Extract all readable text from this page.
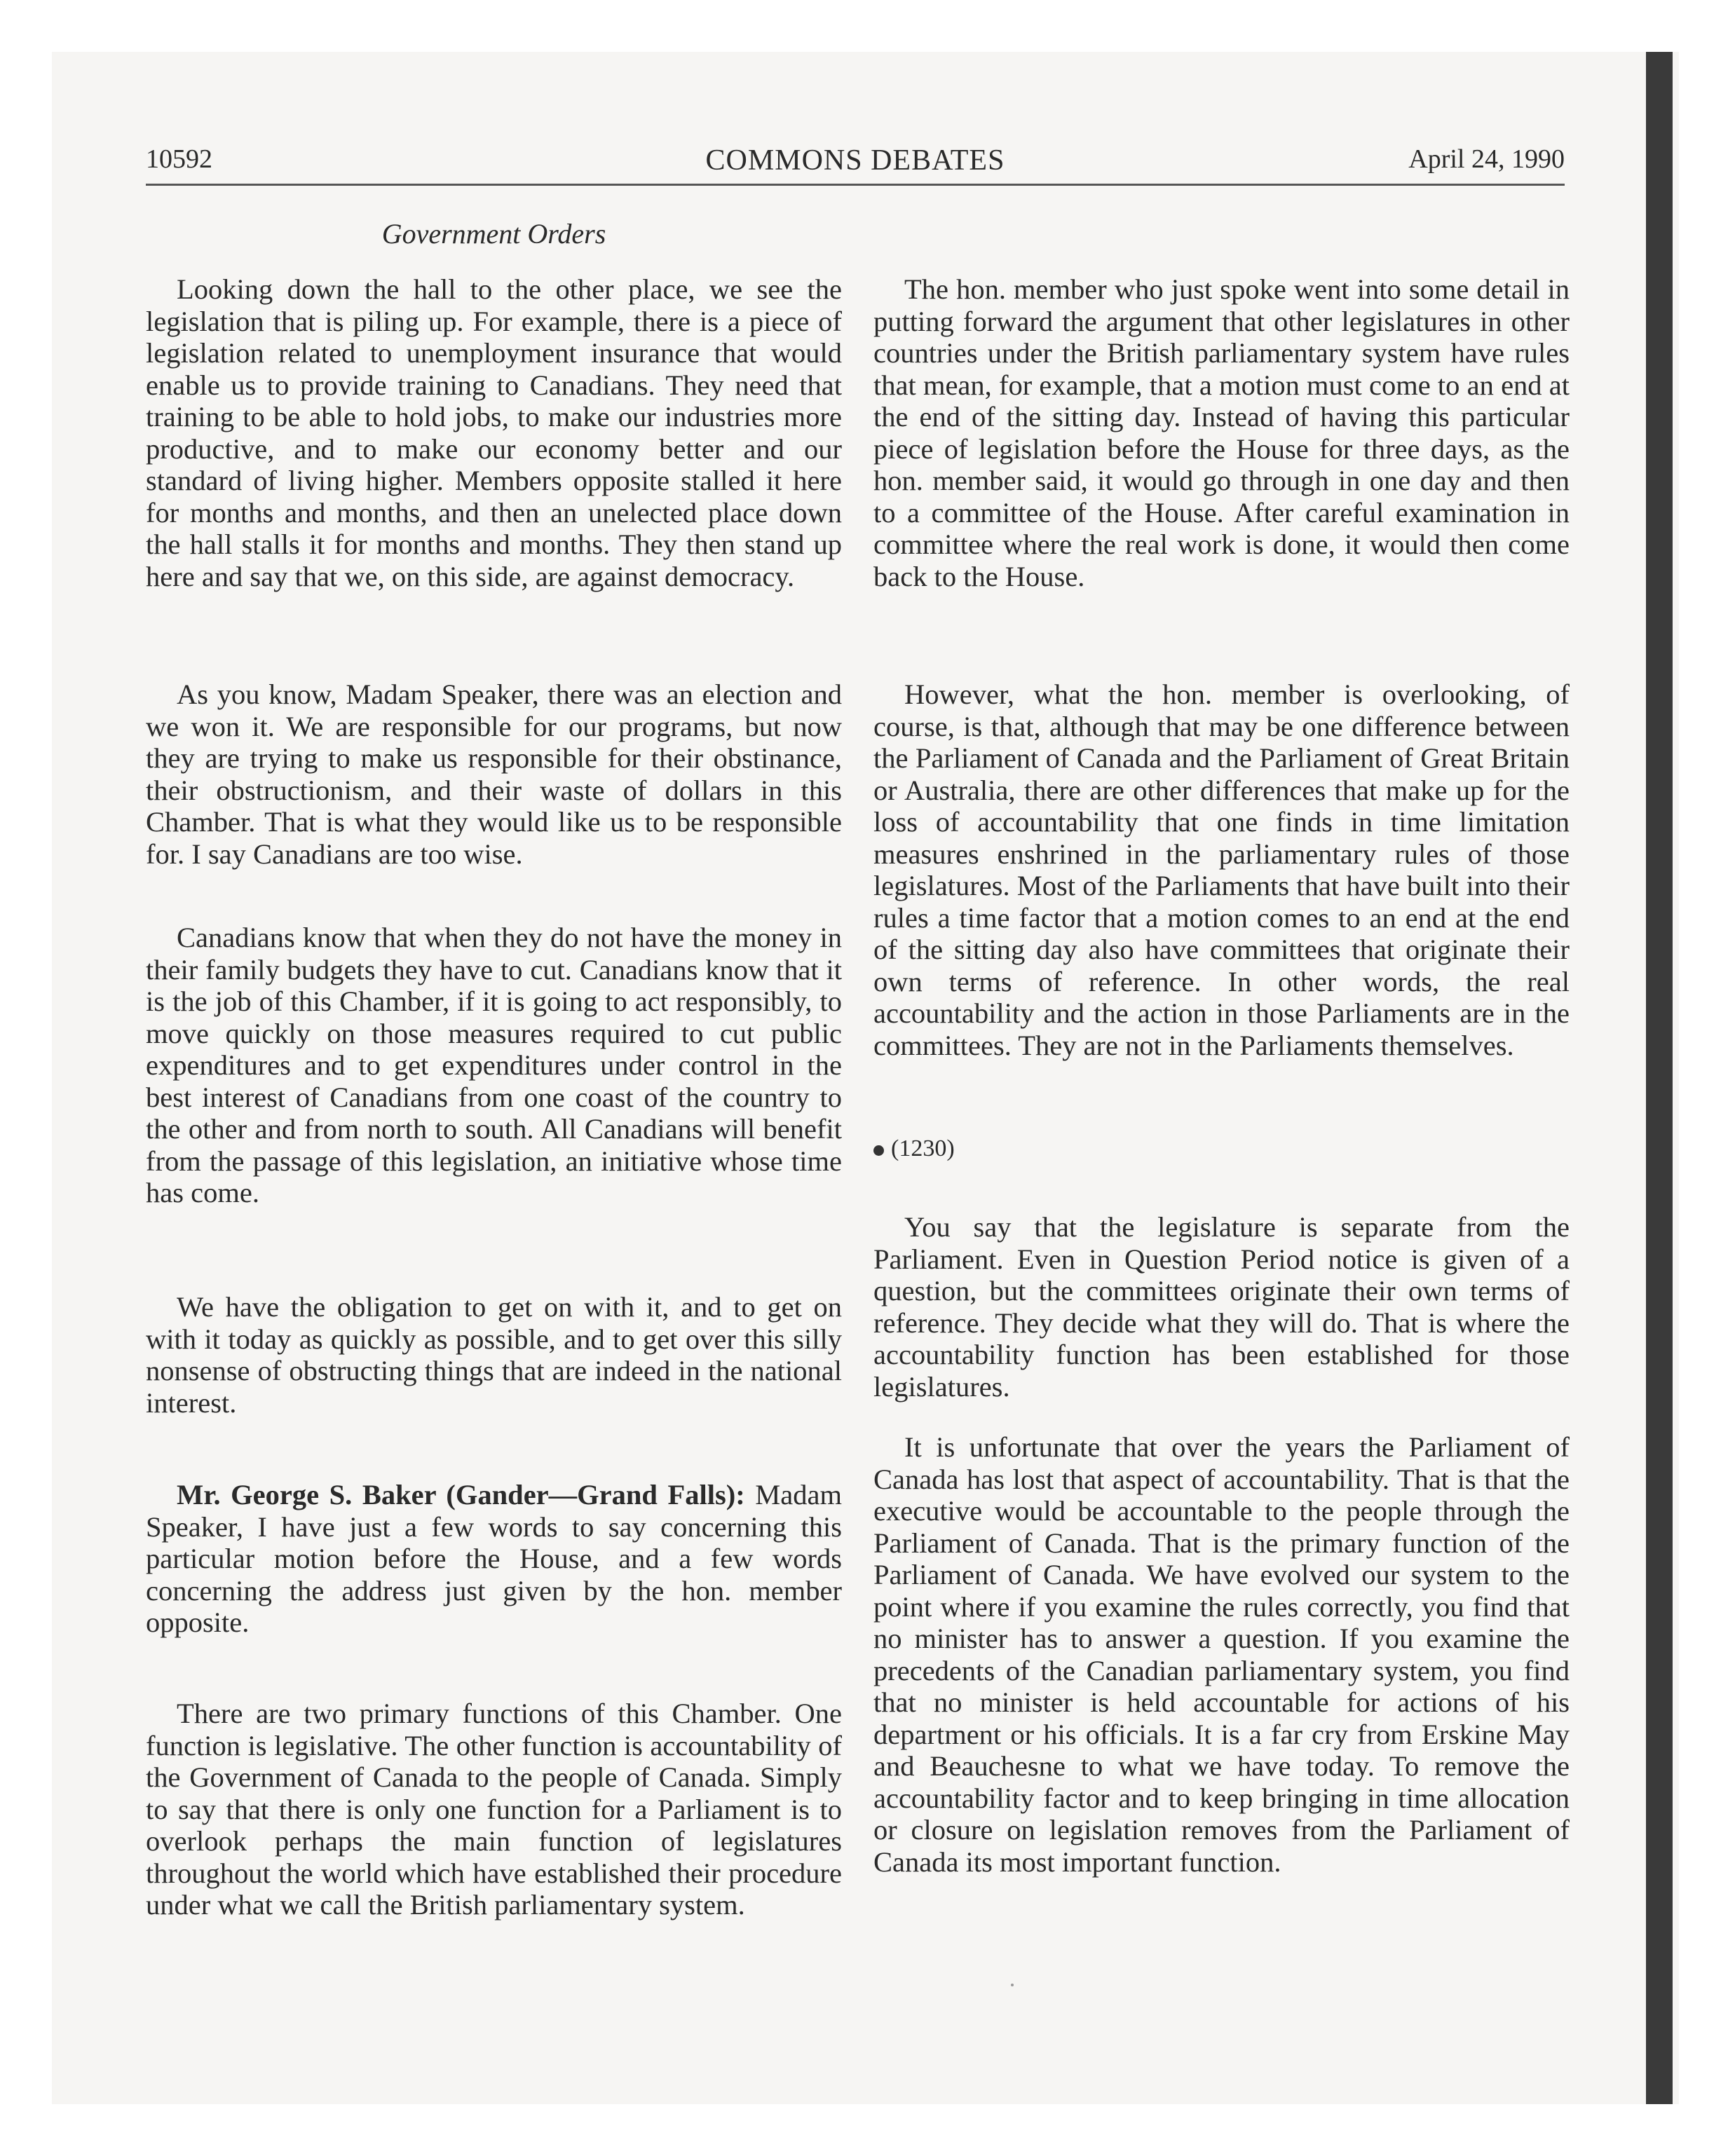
10592	COMMONS DEBATES	April 24, 1990
Government Orders

Looking down the hall to the other place, we see the legislation that is piling up. For example, there is a piece of legislation related to unemployment insurance that would enable us to provide training to Canadians. They need that training to be able to hold jobs, to make our industries more productive, and to make our economy better and our standard of living higher. Members opposite stalled it here for months and months, and then an unelected place down the hall stalls it for months and months. They then stand up here and say that we, on this side, are against democracy.

As you know, Madam Speaker, there was an election and we won it. We are responsible for our programs, but now they are trying to make us responsible for their obstinance, their obstructionism, and their waste of dollars in this Chamber. That is what they would like us to be responsible for. I say Canadians are too wise.

Canadians know that when they do not have the money in their family budgets they have to cut. Canadians know that it is the job of this Chamber, if it is going to act responsibly, to move quickly on those measures required to cut public expenditures and to get expenditures under control in the best interest of Canadians from one coast of the country to the other and from north to south. All Canadians will benefit from the passage of this legislation, an initiative whose time has come.

We have the obligation to get on with it, and to get on with it today as quickly as possible, and to get over this silly nonsense of obstructing things that are indeed in the national interest.

Mr. George S. Baker (Gander—Grand Falls): Madam Speaker, I have just a few words to say concerning this particular motion before the House, and a few words concerning the address just given by the hon. member opposite.

There are two primary functions of this Chamber. One function is legislative. The other function is accountability of the Government of Canada to the people of Canada. Simply to say that there is only one function for a Parliament is to overlook perhaps the main function of legislatures throughout the world which have established their procedure under what we call the British parliamentary system.

The hon. member who just spoke went into some detail in putting forward the argument that other legislatures in other countries under the British parliamentary system have rules that mean, for example, that a motion must come to an end at the end of the sitting day. Instead of having this particular piece of legislation before the House for three days, as the hon. member said, it would go through in one day and then to a committee of the House. After careful examination in committee where the real work is done, it would then come back to the House.

However, what the hon. member is overlooking, of course, is that, although that may be one difference between the Parliament of Canada and the Parliament of Great Britain or Australia, there are other differences that make up for the loss of accountability that one finds in time limitation measures enshrined in the parliamentary rules of those legislatures. Most of the Parliaments that have built into their rules a time factor that a motion comes to an end at the end of the sitting day also have committees that originate their own terms of reference. In other words, the real accountability and the action in those Parliaments are in the committees. They are not in the Parliaments themselves.

(1230)

You say that the legislature is separate from the Parliament. Even in Question Period notice is given of a question, but the committees originate their own terms of reference. They decide what they will do. That is where the accountability function has been established for those legislatures.

It is unfortunate that over the years the Parliament of Canada has lost that aspect of accountability. That is that the executive would be accountable to the people through the Parliament of Canada. That is the primary function of the Parliament of Canada. We have evolved our system to the point where if you examine the rules correctly, you find that no minister has to answer a question. If you examine the precedents of the Canadian parliamentary system, you find that no minister is held accountable for actions of his department or his officials. It is a far cry from Erskine May and Beauchesne to what we have today. To remove the accountability factor and to keep bringing in time allocation or closure on legislation removes from the Parliament of Canada its most important function.
